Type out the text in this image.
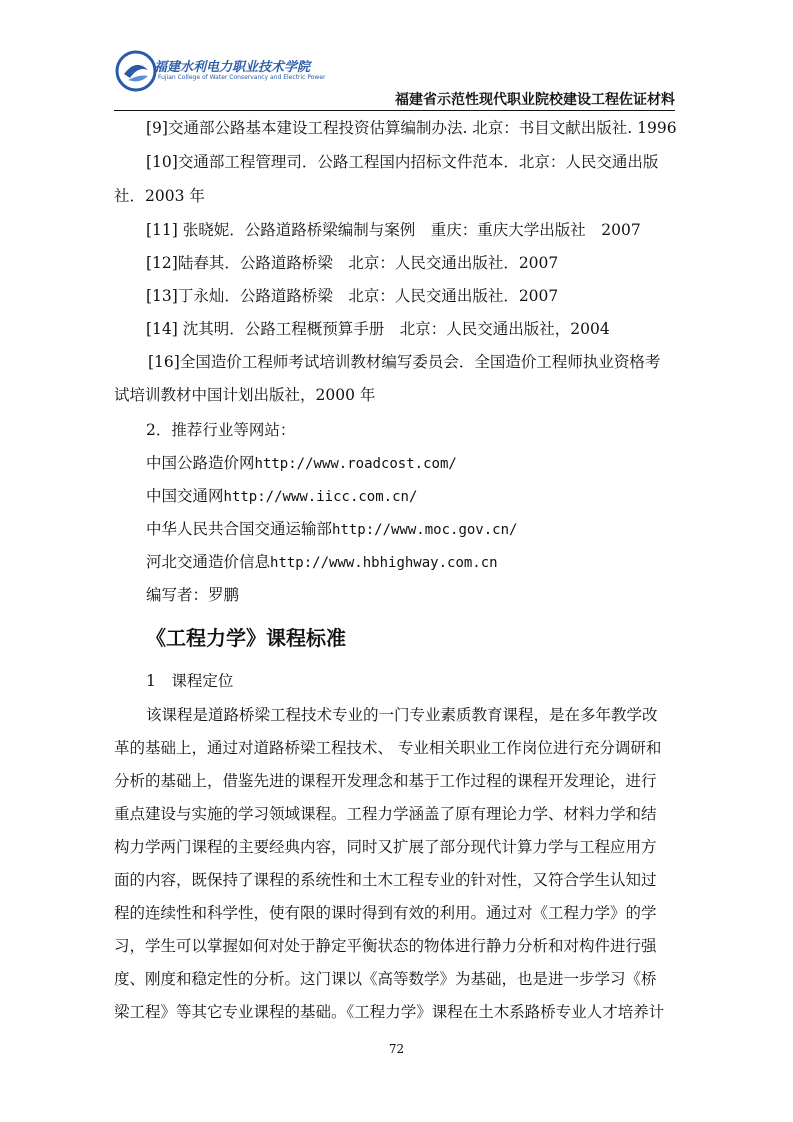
福建水利电力职业技术学院
Fujian College of Water Conservancy and Electric Power
福建省示范性现代职业院校建设工程佐证材料
[9]交通部公路基本建设工程投资估算编制办法. 北京：书目文献出版社. 1996
[10]交通部工程管理司．公路工程国内招标文件范本．北京：人民交通出版
社．2003 年
[11] 张晓妮．公路道路桥梁编制与案例　重庆：重庆大学出版社　2007
[12]陆春其．公路道路桥梁　北京：人民交通出版社．2007
[13]丁永灿．公路道路桥梁　北京：人民交通出版社．2007
[14] 沈其明．公路工程概预算手册　北京：人民交通出版社，2004
[16]全国造价工程师考试培训教材编写委员会．全国造价工程师执业资格考
试培训教材中国计划出版社，2000 年
2．推荐行业等网站：
中国公路造价网http://www.roadcost.com/
中国交通网http://www.iicc.com.cn/
中华人民共合国交通运输部http://www.moc.gov.cn/
河北交通造价信息http://www.hbhighway.com.cn
编写者：罗鹏
《工程力学》课程标准
1　课程定位
该课程是道路桥梁工程技术专业的一门专业素质教育课程，是在多年教学改
革的基础上，通过对道路桥梁工程技术、 专业相关职业工作岗位进行充分调研和
分析的基础上，借鉴先进的课程开发理念和基于工作过程的课程开发理论，进行
重点建设与实施的学习领域课程。工程力学涵盖了原有理论力学、材料力学和结
构力学两门课程的主要经典内容，同时又扩展了部分现代计算力学与工程应用方
面的内容，既保持了课程的系统性和土木工程专业的针对性，又符合学生认知过
程的连续性和科学性，使有限的课时得到有效的利用。通过对《工程力学》的学
习，学生可以掌握如何对处于静定平衡状态的物体进行静力分析和对构件进行强
度、刚度和稳定性的分析。这门课以《高等数学》为基础，也是进一步学习《桥
梁工程》等其它专业课程的基础。《工程力学》课程在土木系路桥专业人才培养计
72
